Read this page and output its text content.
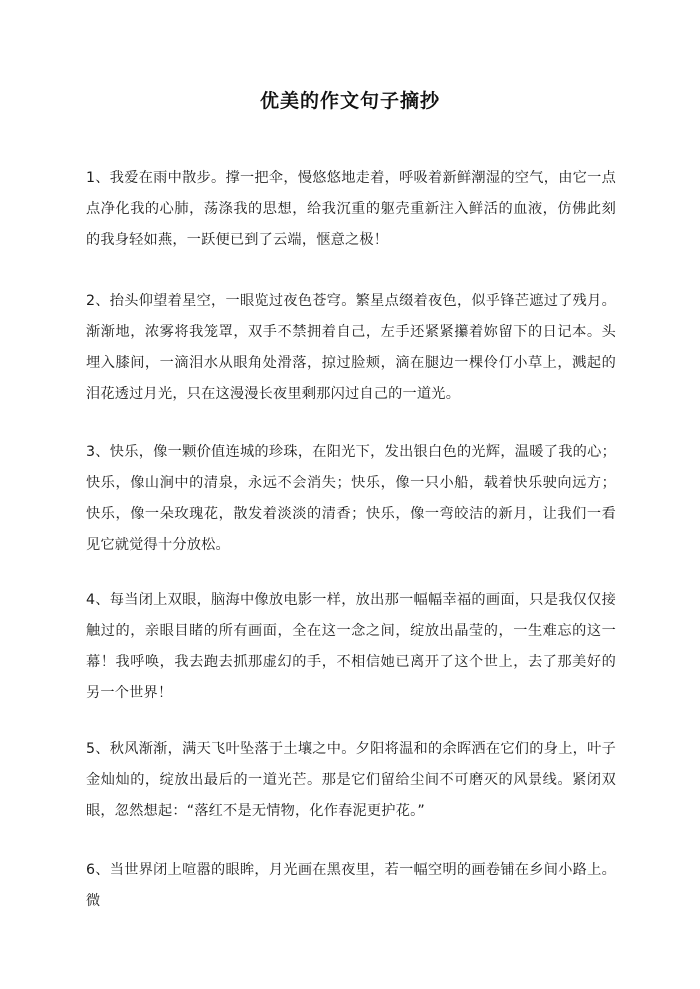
优美的作文句子摘抄

1、我爱在雨中散步。撑一把伞，慢悠悠地走着，呼吸着新鲜潮湿的空气，由它一点点净化我的心肺，荡涤我的思想，给我沉重的躯壳重新注入鲜活的血液，仿佛此刻的我身轻如燕，一跃便已到了云端，惬意之极！

2、抬头仰望着星空，一眼览过夜色苍穹。繁星点缀着夜色，似乎锋芒遮过了残月。渐渐地，浓雾将我笼罩，双手不禁拥着自己，左手还紧紧攥着妳留下的日记本。头埋入膝间，一滴泪水从眼角处滑落，掠过脸颊，滴在腿边一棵伶仃小草上，溅起的泪花透过月光，只在这漫漫长夜里剩那闪过自己的一道光。

3、快乐，像一颗价值连城的珍珠，在阳光下，发出银白色的光辉，温暖了我的心；快乐，像山涧中的清泉，永远不会消失；快乐，像一只小船，载着快乐驶向远方；快乐，像一朵玫瑰花，散发着淡淡的清香；快乐，像一弯皎洁的新月，让我们一看见它就觉得十分放松。

4、每当闭上双眼，脑海中像放电影一样，放出那一幅幅幸福的画面，只是我仅仅接触过的，亲眼目睹的所有画面，全在这一念之间，绽放出晶莹的，一生难忘的这一幕！我呼唤，我去跑去抓那虚幻的手，不相信她已离开了这个世上，去了那美好的另一个世界！

5、秋风渐渐，满天飞叶坠落于土壤之中。夕阳将温和的余晖洒在它们的身上，叶子金灿灿的，绽放出最后的一道光芒。那是它们留给尘间不可磨灭的风景线。紧闭双眼，忽然想起：“落红不是无情物，化作春泥更护花。”

6、当世界闭上喧嚣的眼眸，月光画在黑夜里，若一幅空明的画卷铺在乡间小路上。微
